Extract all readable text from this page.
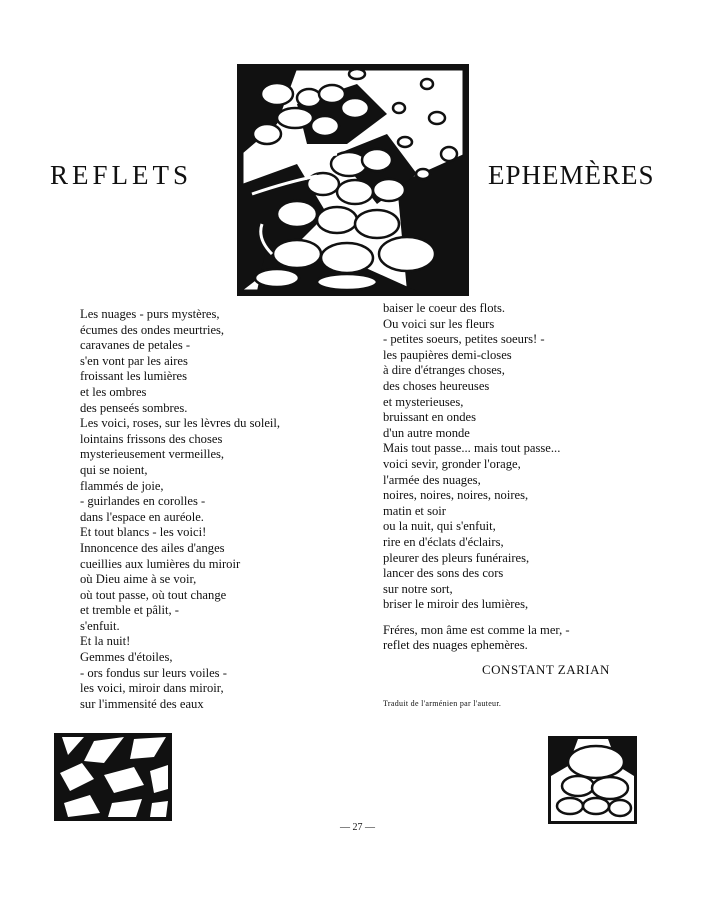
REFLETS	EPHEMÈRES
Les nuages - purs mystères,
écumes des ondes meurtries,
caravanes de petales -
s'en vont par les aires
froissant les lumières
et les ombres
des penseés sombres.
Les voici, roses, sur les lèvres du soleil,
lointains frissons des choses
mysterieusement vermeilles,
qui se noient,
flammés de joie,
- guirlandes en corolles -
dans l'espace en auréole.
Et tout blancs - les voici!
Innoncence des ailes d'anges
cueillies aux lumières du miroir
où Dieu aime à se voir,
où tout passe, où tout change
et tremble et pâlit, -
s'enfuit.
Et la nuit!
Gemmes d'étoiles,
- ors fondus sur leurs voiles -
les voici, miroir dans miroir,
sur l'immensité des eaux
baiser le coeur des flots.
Ou voici sur les fleurs
- petites soeurs, petites soeurs! -
les paupières demi-closes
à dire d'étranges choses,
des choses heureuses
et mysterieuses,
bruissant en ondes
d'un autre monde
Mais tout passe... mais tout passe...
voici sevir, gronder l'orage,
l'armée des nuages,
noires, noires, noires, noires,
matin et soir
ou la nuit, qui s'enfuit,
rire en d'éclats d'éclairs,
pleurer des pleurs funéraires,
lancer des sons des cors
sur notre sort,
briser le miroir des lumières,
Fréres, mon âme est comme la mer, -
reflet des nuages ephemères.
CONSTANT ZARIAN
Traduit de l'arménien par l'auteur.
— 27 —
